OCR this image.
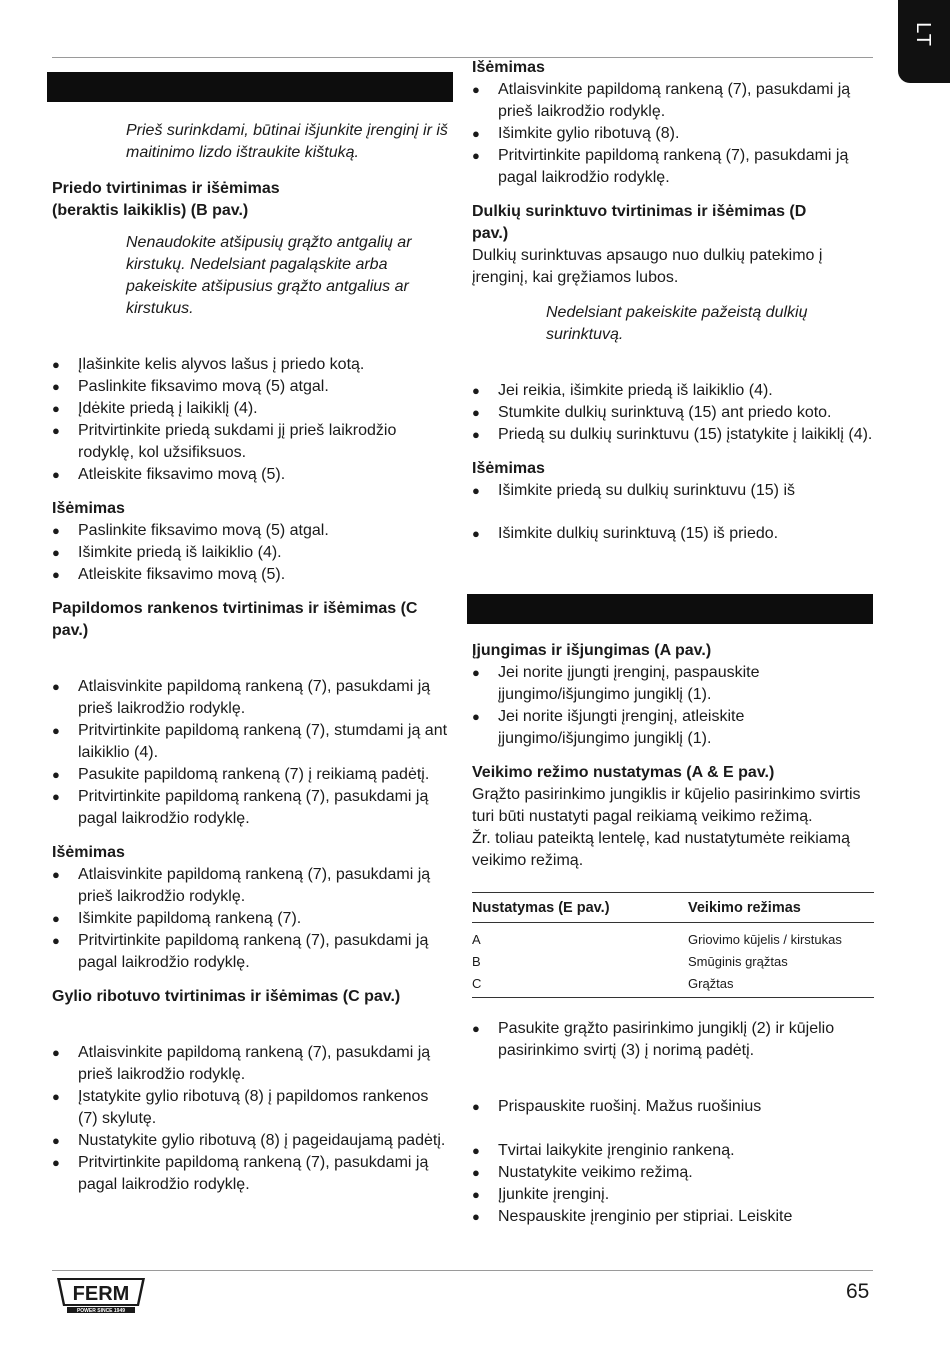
LT

Prieš surinkdami, būtinai išjunkite įrenginį ir iš maitinimo lizdo ištraukite kištuką.

Priedo tvirtinimas ir išėmimas (beraktis laikiklis) (B pav.)

Nenaudokite atšipusių grąžto antgalių ar kirstukų. Nedelsiant pagaląskite arba pakeiskite atšipusius grąžto antgalius ar kirstukus.

● Įlašinkite kelis alyvos lašus į priedo kotą.
● Paslinkite fiksavimo movą (5) atgal.
● Įdėkite priedą į laikiklį (4).
● Pritvirtinkite priedą sukdami jį prieš laikrodžio rodyklę, kol užsifiksuos.
● Atleiskite fiksavimo movą (5).

Išėmimas

● Paslinkite fiksavimo movą (5) atgal.
● Išimkite priedą iš laikiklio (4).
● Atleiskite fiksavimo movą (5).

Papildomos rankenos tvirtinimas ir išėmimas (C pav.)

● Atlaisvinkite papildomą rankeną (7), pasukdami ją prieš laikrodžio rodyklę.
● Pritvirtinkite papildomą rankeną (7), stumdami ją ant laikiklio (4).
● Pasukite papildomą rankeną (7) į reikiamą padėtį.
● Pritvirtinkite papildomą rankeną (7), pasukdami ją pagal laikrodžio rodyklę.

Išėmimas

● Atlaisvinkite papildomą rankeną (7), pasukdami ją prieš laikrodžio rodyklę.
● Išimkite papildomą rankeną (7).
● Pritvirtinkite papildomą rankeną (7), pasukdami ją pagal laikrodžio rodyklę.

Gylio ribotuvo tvirtinimas ir išėmimas (C pav.)

● Atlaisvinkite papildomą rankeną (7), pasukdami ją prieš laikrodžio rodyklę.
● Įstatykite gylio ribotuvą (8) į papildomos rankenos (7) skylutę.
● Nustatykite gylio ribotuvą (8) į pageidaujamą padėtį.
● Pritvirtinkite papildomą rankeną (7), pasukdami ją pagal laikrodžio rodyklę.

Išėmimas

● Atlaisvinkite papildomą rankeną (7), pasukdami ją prieš laikrodžio rodyklę.
● Išimkite gylio ribotuvą (8).
● Pritvirtinkite papildomą rankeną (7), pasukdami ją pagal laikrodžio rodyklę.

Dulkių surinktuvo tvirtinimas ir išėmimas (D pav.)

Dulkių surinktuvas apsaugo nuo dulkių patekimo į įrenginį, kai gręžiamos lubos.

Nedelsiant pakeiskite pažeistą dulkių surinktuvą.

● Jei reikia, išimkite priedą iš laikiklio (4).
● Stumkite dulkių surinktuvą (15) ant priedo koto.
● Priedą su dulkių surinktuvu (15) įstatykite į laikiklį (4).

Išėmimas

● Išimkite priedą su dulkių surinktuvu (15) iš
● Išimkite dulkių surinktuvą (15) iš priedo.

Įjungimas ir išjungimas (A pav.)

● Jei norite įjungti įrenginį, paspauskite įjungimo/išjungimo jungiklį (1).
● Jei norite išjungti įrenginį, atleiskite įjungimo/išjungimo jungiklį (1).

Veikimo režimo nustatymas (A & E pav.)

Grąžto pasirinkimo jungiklis ir kūjelio pasirinkimo svirtis turi būti nustatyti pagal reikiamą veikimo režimą.

Žr. toliau pateiktą lentelę, kad nustatytumėte reikiamą veikimo režimą.

Nustatymas (E pav.)	Veikimo režimas
A	Griovimo kūjelis / kirstukas
B	Smūginis grąžtas
C	Grąžtas
● Pasukite grąžto pasirinkimo jungiklį (2) ir kūjelio pasirinkimo svirtį (3) į norimą padėtį.
● Prispauskite ruošinį. Mažus ruošinius
● Tvirtai laikykite įrenginio rankeną.
● Nustatykite veikimo režimą.
● Įjunkite įrenginį.
● Nespauskite įrenginio per stipriai. Leiskite
FERM
POWER SINCE 1949
65
